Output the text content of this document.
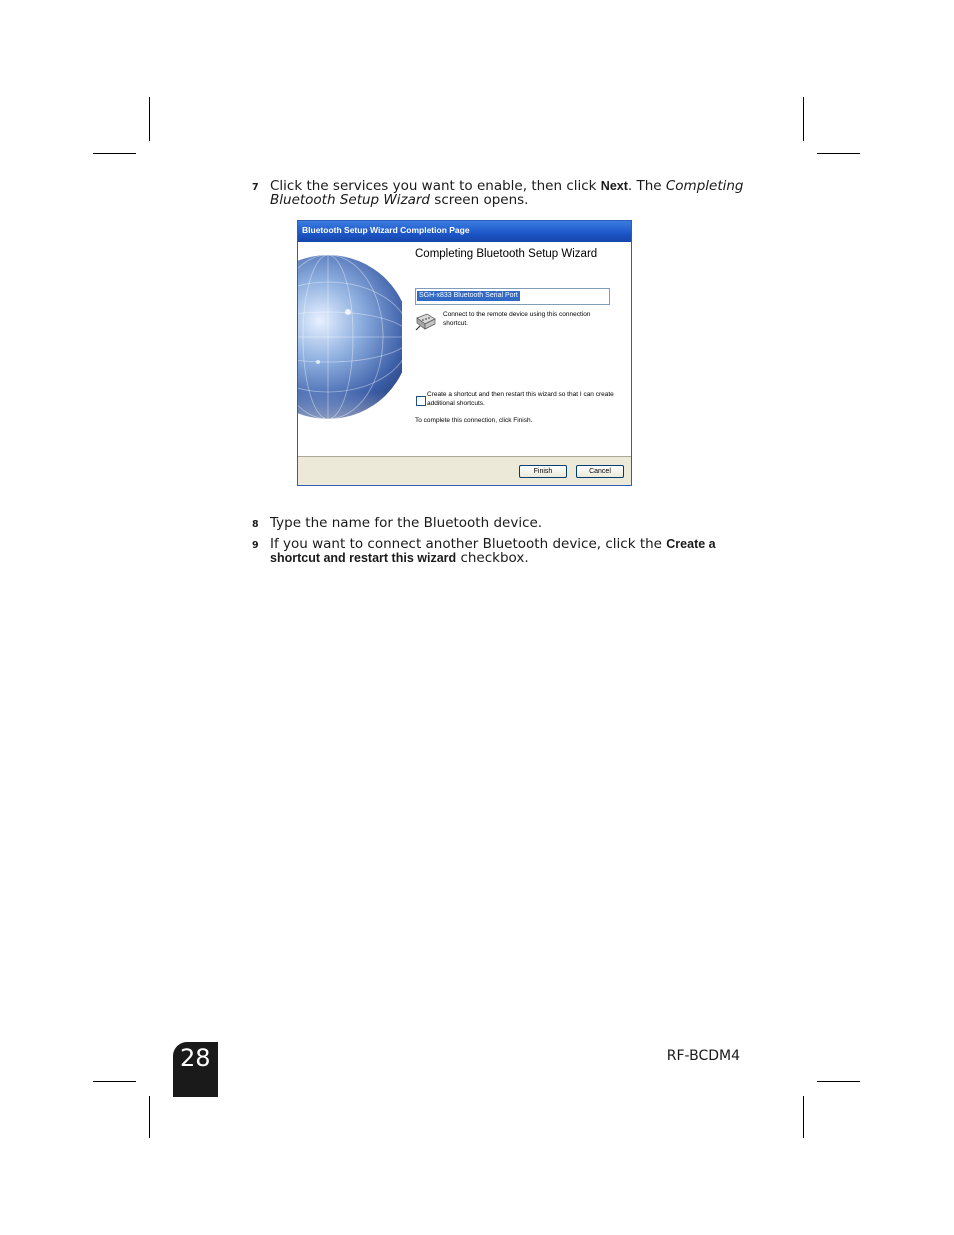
7 Click the services you want to enable, then click Next. The Completing Bluetooth Setup Wizard screen opens.
Bluetooth Setup Wizard Completion Page
Completing Bluetooth Setup Wizard
SGH-x833 Bluetooth Serial Port
Connect to the remote device using this connection shortcut.
Create a shortcut and then restart this wizard so that I can create additional shortcuts.
To complete this connection, click Finish.
Finish	Cancel
8 Type the name for the Bluetooth device.
9 If you want to connect another Bluetooth device, click the Create a shortcut and restart this wizard checkbox.
28	RF-BCDM4
